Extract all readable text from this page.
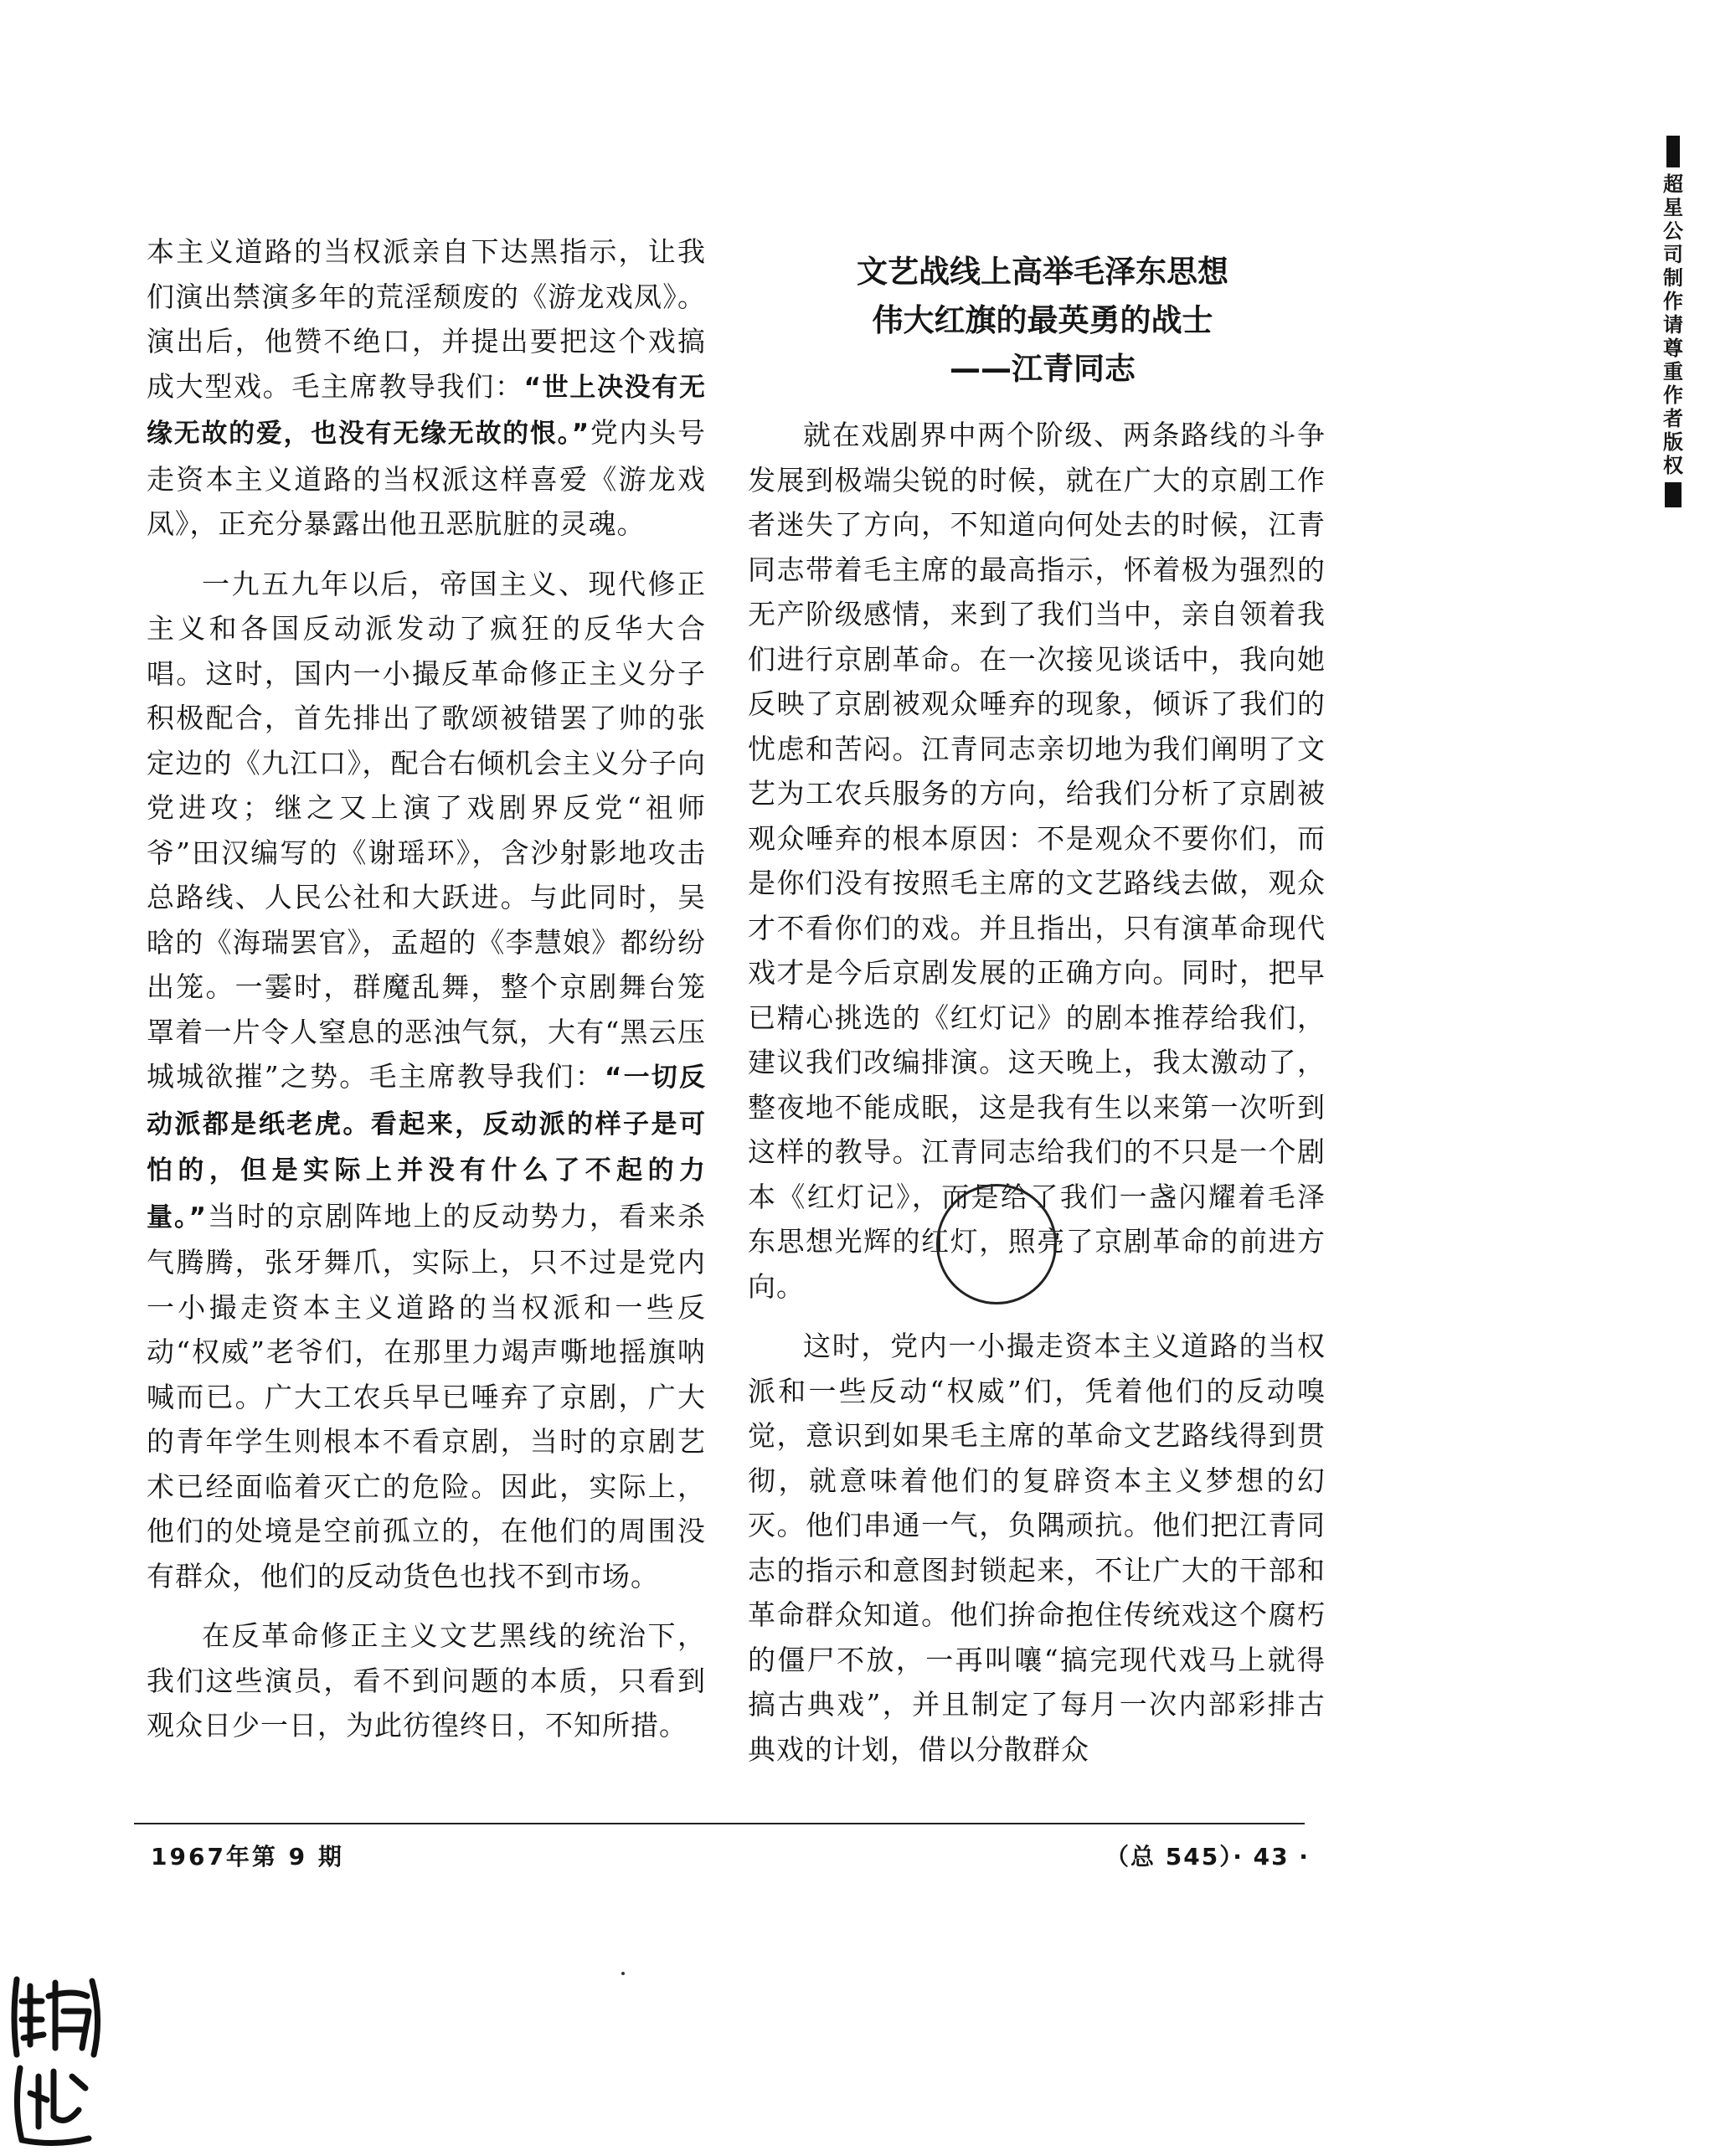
本主义道路的当权派亲自下达黑指示，让我们演出禁演多年的荒淫颓废的《游龙戏凤》。演出后，他赞不绝口，并提出要把这个戏搞成大型戏。毛主席教导我们：“世上决没有无缘无故的爱，也没有无缘无故的恨。”党内头号走资本主义道路的当权派这样喜爱《游龙戏凤》，正充分暴露出他丑恶肮脏的灵魂。

一九五九年以后，帝国主义、现代修正主义和各国反动派发动了疯狂的反华大合唱。这时，国内一小撮反革命修正主义分子积极配合，首先排出了歌颂被错罢了帅的张定边的《九江口》，配合右倾机会主义分子向党进攻；继之又上演了戏剧界反党“祖师爷”田汉编写的《谢瑶环》，含沙射影地攻击总路线、人民公社和大跃进。与此同时，吴晗的《海瑞罢官》，孟超的《李慧娘》都纷纷出笼。一霎时，群魔乱舞，整个京剧舞台笼罩着一片令人窒息的恶浊气氛，大有“黑云压城城欲摧”之势。毛主席教导我们：“一切反动派都是纸老虎。看起来，反动派的样子是可怕的，但是实际上并没有什么了不起的力量。”当时的京剧阵地上的反动势力，看来杀气腾腾，张牙舞爪，实际上，只不过是党内一小撮走资本主义道路的当权派和一些反动“权威”老爷们，在那里力竭声嘶地摇旗呐喊而已。广大工农兵早已唾弃了京剧，广大的青年学生则根本不看京剧，当时的京剧艺术已经面临着灭亡的危险。因此，实际上，他们的处境是空前孤立的，在他们的周围没有群众，他们的反动货色也找不到市场。

在反革命修正主义文艺黑线的统治下，我们这些演员，看不到问题的本质，只看到观众日少一日，为此彷徨终日，不知所措。

文艺战线上高举毛泽东思想
伟大红旗的最英勇的战士
——江青同志

就在戏剧界中两个阶级、两条路线的斗争发展到极端尖锐的时候，就在广大的京剧工作者迷失了方向，不知道向何处去的时候，江青同志带着毛主席的最高指示，怀着极为强烈的无产阶级感情，来到了我们当中，亲自领着我们进行京剧革命。在一次接见谈话中，我向她反映了京剧被观众唾弃的现象，倾诉了我们的忧虑和苦闷。江青同志亲切地为我们阐明了文艺为工农兵服务的方向，给我们分析了京剧被观众唾弃的根本原因：不是观众不要你们，而是你们没有按照毛主席的文艺路线去做，观众才不看你们的戏。并且指出，只有演革命现代戏才是今后京剧发展的正确方向。同时，把早已精心挑选的《红灯记》的剧本推荐给我们，建议我们改编排演。这天晚上，我太激动了，整夜地不能成眠，这是我有生以来第一次听到这样的教导。江青同志给我们的不只是一个剧本《红灯记》，而是给了我们一盏闪耀着毛泽东思想光辉的红灯，照亮了京剧革命的前进方向。

这时，党内一小撮走资本主义道路的当权派和一些反动“权威”们，凭着他们的反动嗅觉，意识到如果毛主席的革命文艺路线得到贯彻，就意味着他们的复辟资本主义梦想的幻灭。他们串通一气，负隅顽抗。他们把江青同志的指示和意图封锁起来，不让广大的干部和革命群众知道。他们拚命抱住传统戏这个腐朽的僵尸不放，一再叫嚷“搞完现代戏马上就得搞古典戏”，并且制定了每月一次内部彩排古典戏的计划，借以分散群众

1967年第 9 期	（总 545）· 43 ·
超
星
公
司
制
作
请
尊
重
作
者
版
权
